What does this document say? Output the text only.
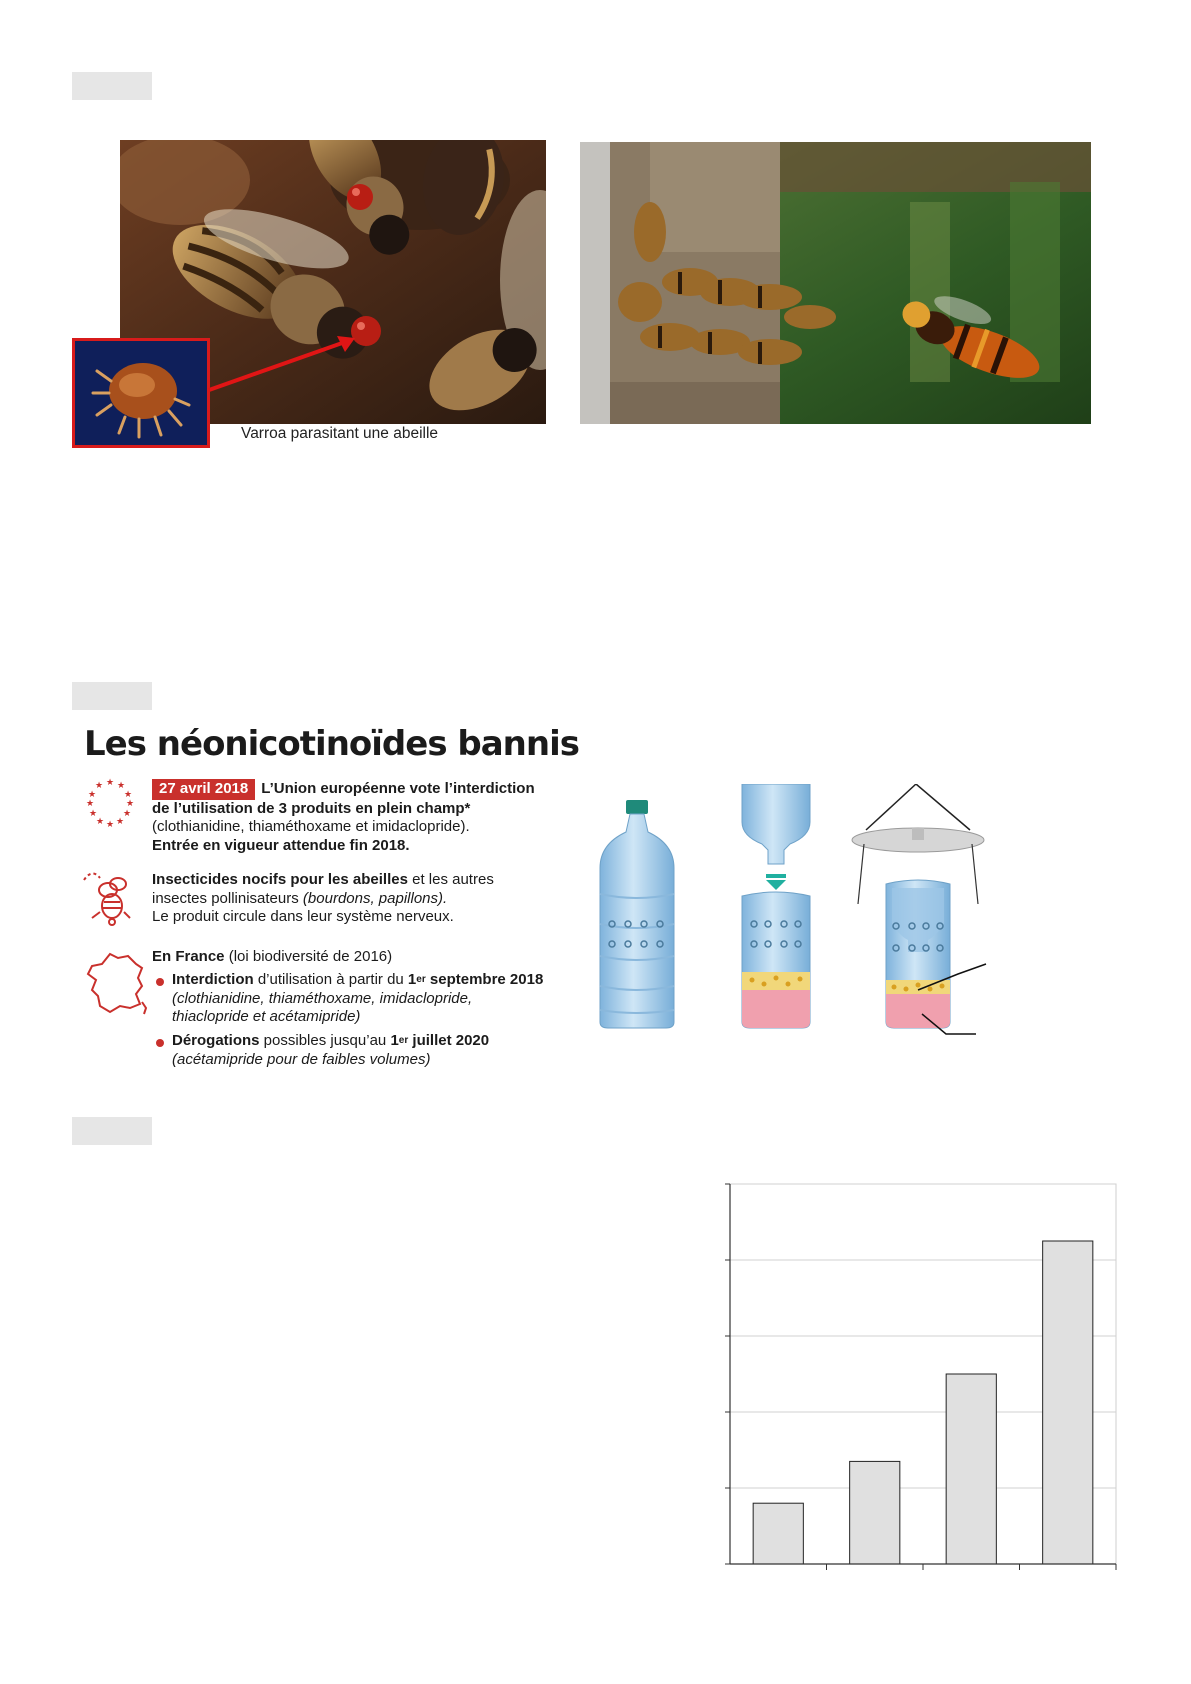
Varroa parasitant une abeille
Les néonicotinoïdes bannis
★ ★
★
★
★
★
★
★
★
★
★
★	27 avril 2018 L’Union européenne vote l’interdiction
de l’utilisation de 3 produits en plein champ*
(clothianidine, thiaméthoxame et imidaclopride).
Entrée en vigueur attendue fin 2018.
Insecticides nocifs pour les abeilles et les autres
insectes pollinisateurs (bourdons, papillons).
Le produit circule dans leur système nerveux.
En France (loi biodiversité de 2016)
Interdiction d’utilisation à partir du 1er septembre 2018
(clothianidine, thiaméthoxame, imidaclopride,
thiaclopride et acétamipride)
Dérogations possibles jusqu’au 1er juillet 2020
(acétamipride pour de faibles volumes)
